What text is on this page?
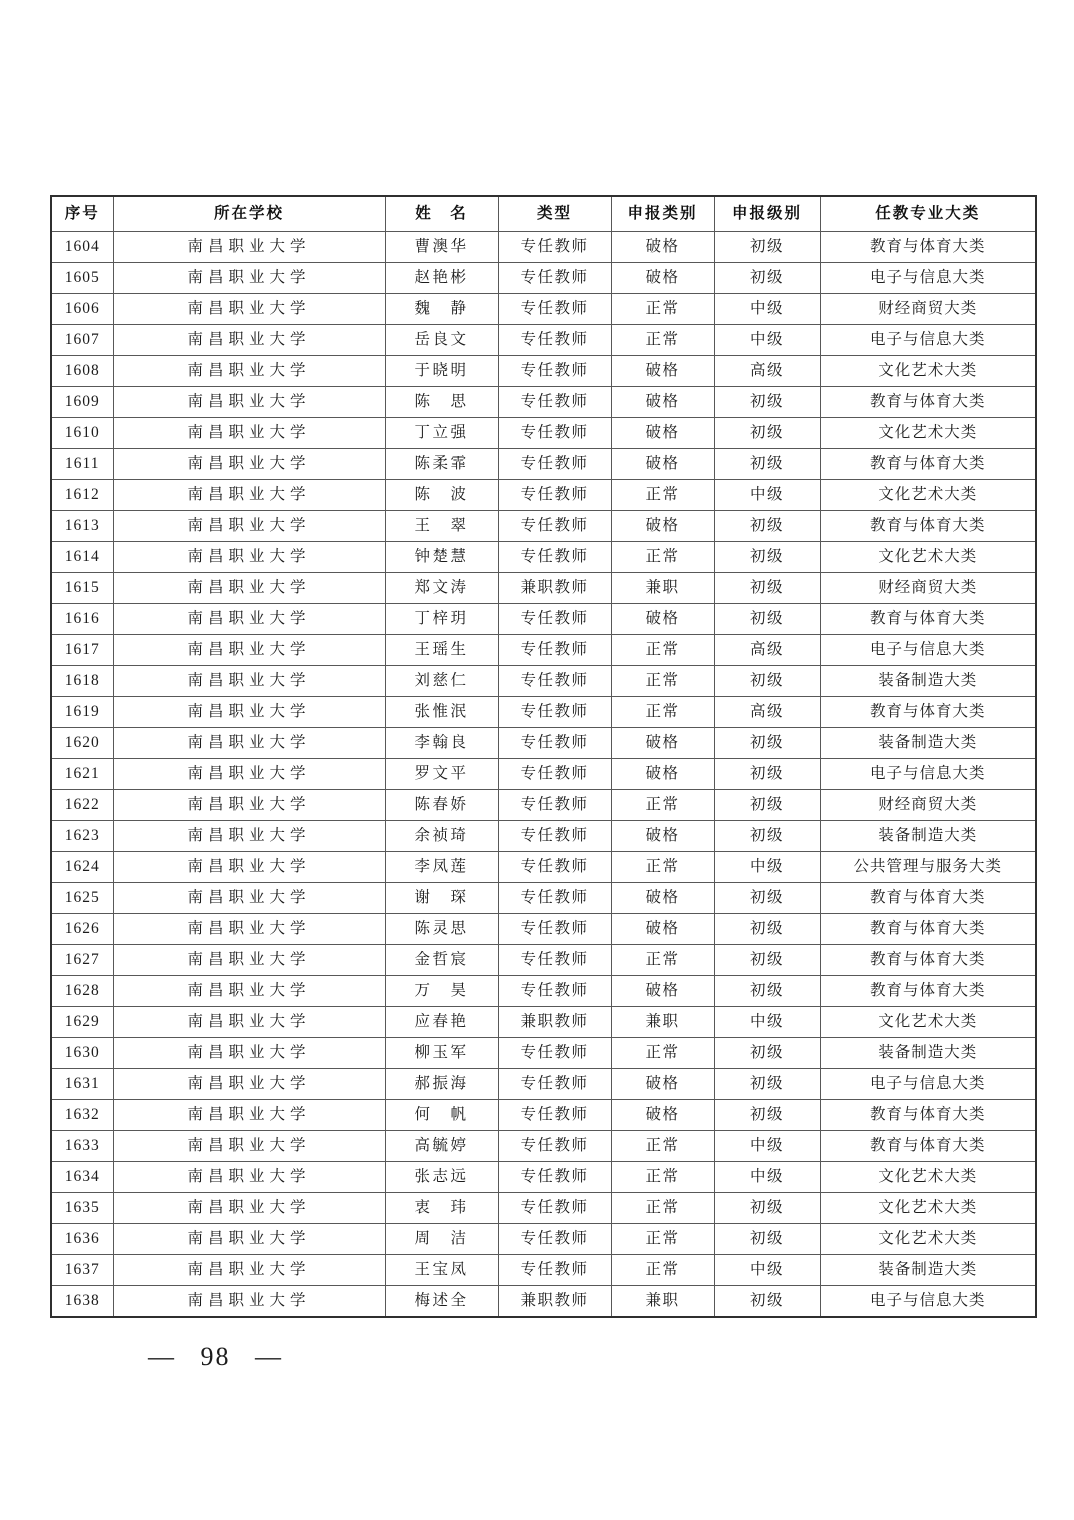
序号	所在学校	姓　名	类型	申报类别	申报级别	任教专业大类
1604	南昌职业大学	曹澳华	专任教师	破格	初级	教育与体育大类
1605	南昌职业大学	赵艳彬	专任教师	破格	初级	电子与信息大类
1606	南昌职业大学	魏　静	专任教师	正常	中级	财经商贸大类
1607	南昌职业大学	岳良文	专任教师	正常	中级	电子与信息大类
1608	南昌职业大学	于晓明	专任教师	破格	高级	文化艺术大类
1609	南昌职业大学	陈　思	专任教师	破格	初级	教育与体育大类
1610	南昌职业大学	丁立强	专任教师	破格	初级	文化艺术大类
1611	南昌职业大学	陈柔霏	专任教师	破格	初级	教育与体育大类
1612	南昌职业大学	陈　波	专任教师	正常	中级	文化艺术大类
1613	南昌职业大学	王　翠	专任教师	破格	初级	教育与体育大类
1614	南昌职业大学	钟楚慧	专任教师	正常	初级	文化艺术大类
1615	南昌职业大学	郑文涛	兼职教师	兼职	初级	财经商贸大类
1616	南昌职业大学	丁梓玥	专任教师	破格	初级	教育与体育大类
1617	南昌职业大学	王瑶生	专任教师	正常	高级	电子与信息大类
1618	南昌职业大学	刘慈仁	专任教师	正常	初级	装备制造大类
1619	南昌职业大学	张惟泯	专任教师	正常	高级	教育与体育大类
1620	南昌职业大学	李翰良	专任教师	破格	初级	装备制造大类
1621	南昌职业大学	罗文平	专任教师	破格	初级	电子与信息大类
1622	南昌职业大学	陈春娇	专任教师	正常	初级	财经商贸大类
1623	南昌职业大学	余祯琦	专任教师	破格	初级	装备制造大类
1624	南昌职业大学	李凤莲	专任教师	正常	中级	公共管理与服务大类
1625	南昌职业大学	谢　琛	专任教师	破格	初级	教育与体育大类
1626	南昌职业大学	陈灵思	专任教师	破格	初级	教育与体育大类
1627	南昌职业大学	金哲宸	专任教师	正常	初级	教育与体育大类
1628	南昌职业大学	万　昊	专任教师	破格	初级	教育与体育大类
1629	南昌职业大学	应春艳	兼职教师	兼职	中级	文化艺术大类
1630	南昌职业大学	柳玉军	专任教师	正常	初级	装备制造大类
1631	南昌职业大学	郝振海	专任教师	破格	初级	电子与信息大类
1632	南昌职业大学	何　帆	专任教师	破格	初级	教育与体育大类
1633	南昌职业大学	高毓婷	专任教师	正常	中级	教育与体育大类
1634	南昌职业大学	张志远	专任教师	正常	中级	文化艺术大类
1635	南昌职业大学	衷　玮	专任教师	正常	初级	文化艺术大类
1636	南昌职业大学	周　洁	专任教师	正常	初级	文化艺术大类
1637	南昌职业大学	王宝凤	专任教师	正常	中级	装备制造大类
1638	南昌职业大学	梅述全	兼职教师	兼职	初级	电子与信息大类
— 98 —
